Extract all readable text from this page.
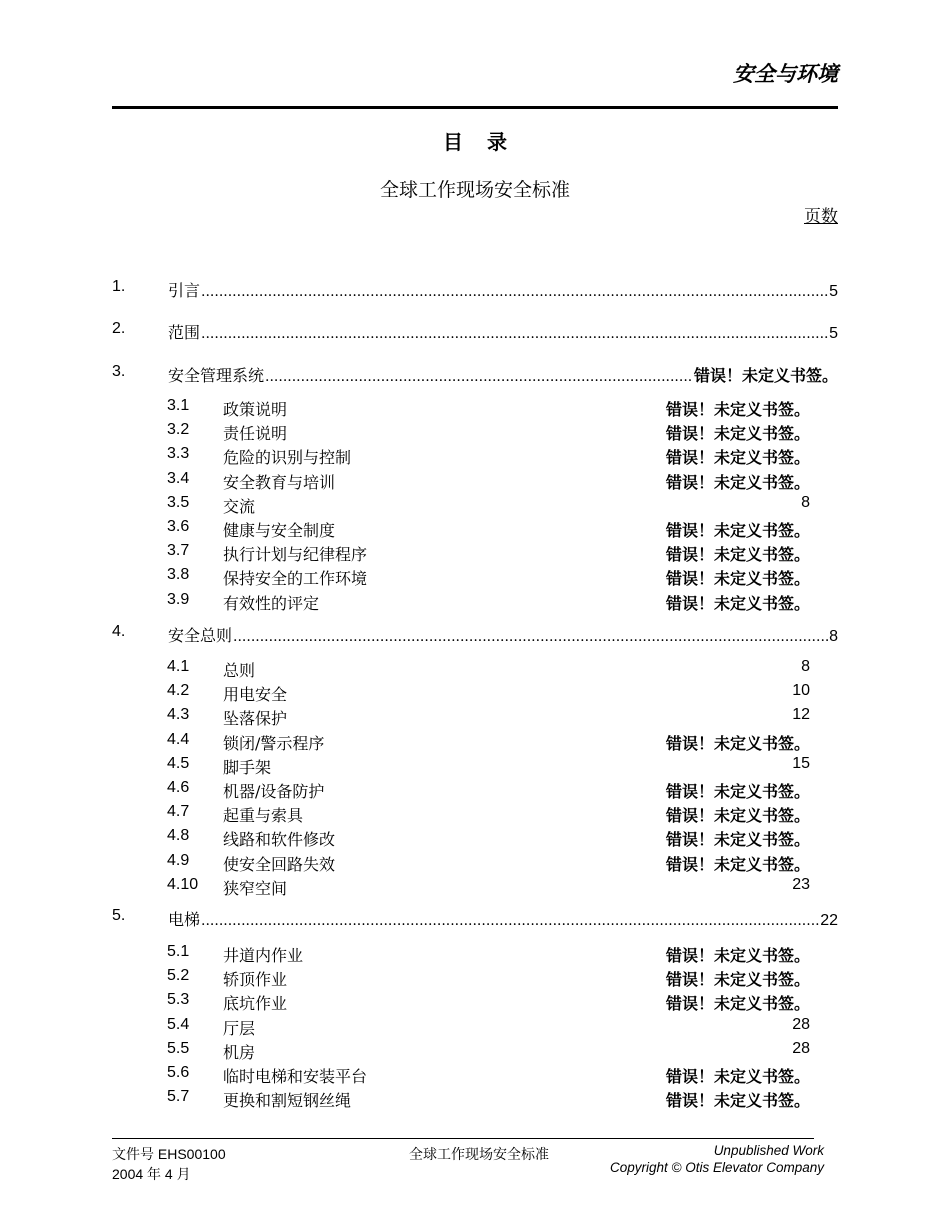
安全与环境
目录
全球工作现场安全标准
页数
1.	引言 .....	5
2.	范围 .....	5
3.	安全管理系统 .....	错误！未定义书签。
3.1 政策说明	错误！未定义书签。
3.2 责任说明	错误！未定义书签。
3.3 危险的识别与控制	错误！未定义书签。
3.4 安全教育与培训	错误！未定义书签。
3.5 交流	8
3.6 健康与安全制度	错误！未定义书签。
3.7 执行计划与纪律程序	错误！未定义书签。
3.8 保持安全的工作环境	错误！未定义书签。
3.9 有效性的评定	错误！未定义书签。
4.	安全总则 .....	8
4.1 总则	8
4.2 用电安全	10
4.3 坠落保护	12
4.4 锁闭/警示程序	错误！未定义书签。
4.5 脚手架	15
4.6 机器/设备防护	错误！未定义书签。
4.7 起重与索具	错误！未定义书签。
4.8 线路和软件修改	错误！未定义书签。
4.9 使安全回路失效	错误！未定义书签。
4.10 狭窄空间	23
5.	电梯 .....	22
5.1 井道内作业	错误！未定义书签。
5.2 轿顶作业	错误！未定义书签。
5.3 底坑作业	错误！未定义书签。
5.4 厅层	28
5.5 机房	28
5.6 临时电梯和安装平台	错误！未定义书签。
5.7 更换和割短钢丝绳	错误！未定义书签。
文件号 EHS00100
2004 年 4 月
全球工作现场安全标准	Unpublished Work
Copyright © Otis Elevator Company
